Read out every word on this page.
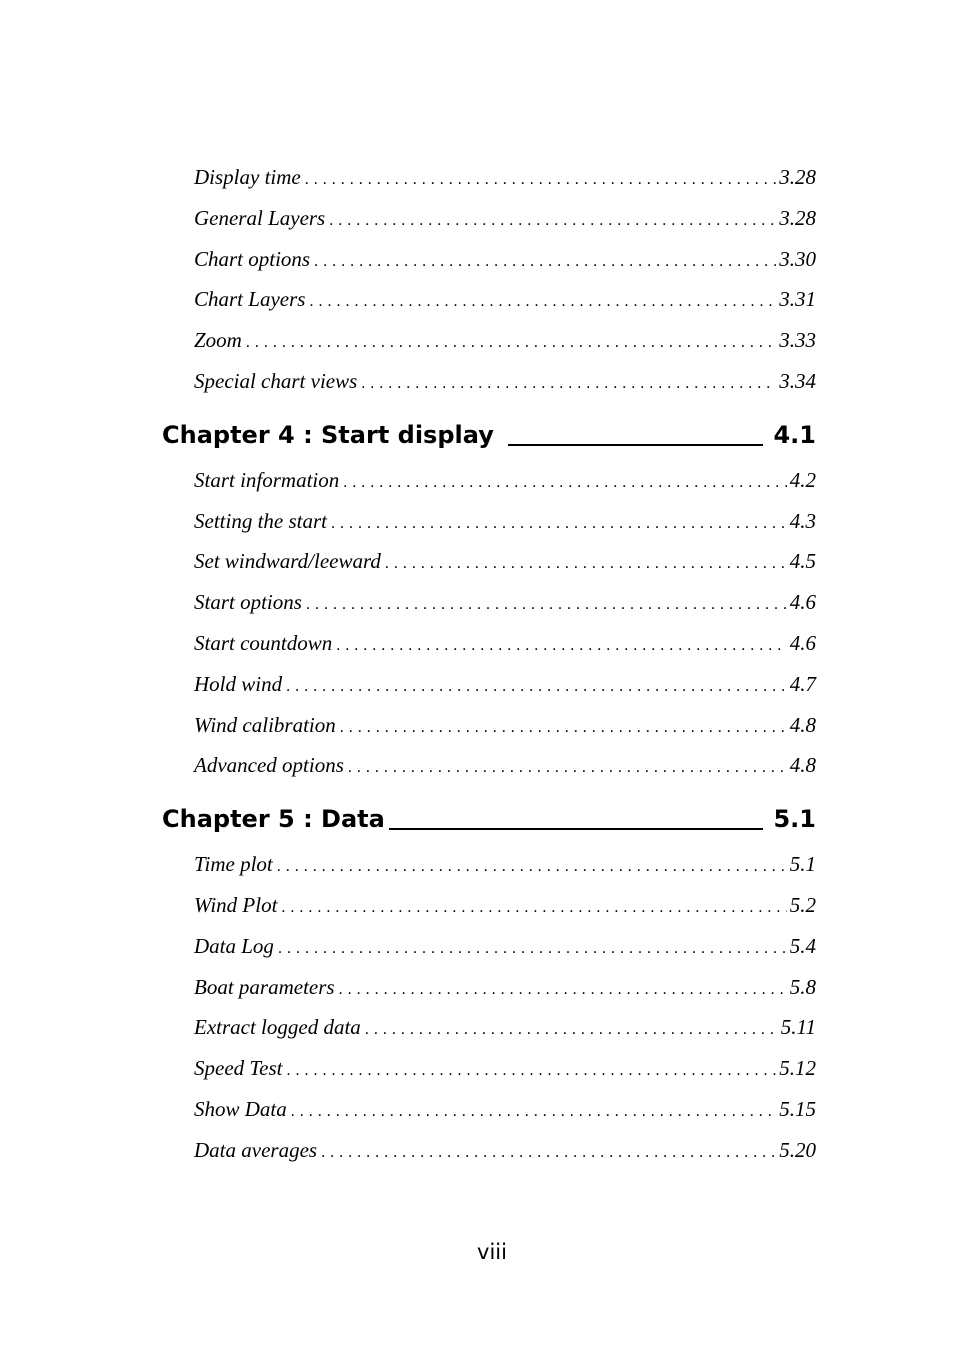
Display time . . .	3.28
General Layers . . .	3.28
Chart options . . .	3.30
Chart Layers . . .	3.31
Zoom . . .	3.33
Special chart views . . .	3.34
Chapter 4 : Start display	4.1
Start information . . .	4.2
Setting the start . . .	4.3
Set windward/leeward . . .	4.5
Start options . . .	4.6
Start countdown . . .	4.6
Hold wind . . .	4.7
Wind calibration . . .	4.8
Advanced options . . .	4.8
Chapter 5 : Data	5.1
Time plot . . .	5.1
Wind Plot . . .	5.2
Data Log . . .	5.4
Boat parameters . . .	5.8
Extract logged data . . .	5.11
Speed Test . . .	5.12
Show Data . . .	5.15
Data averages . . .	5.20
viii
